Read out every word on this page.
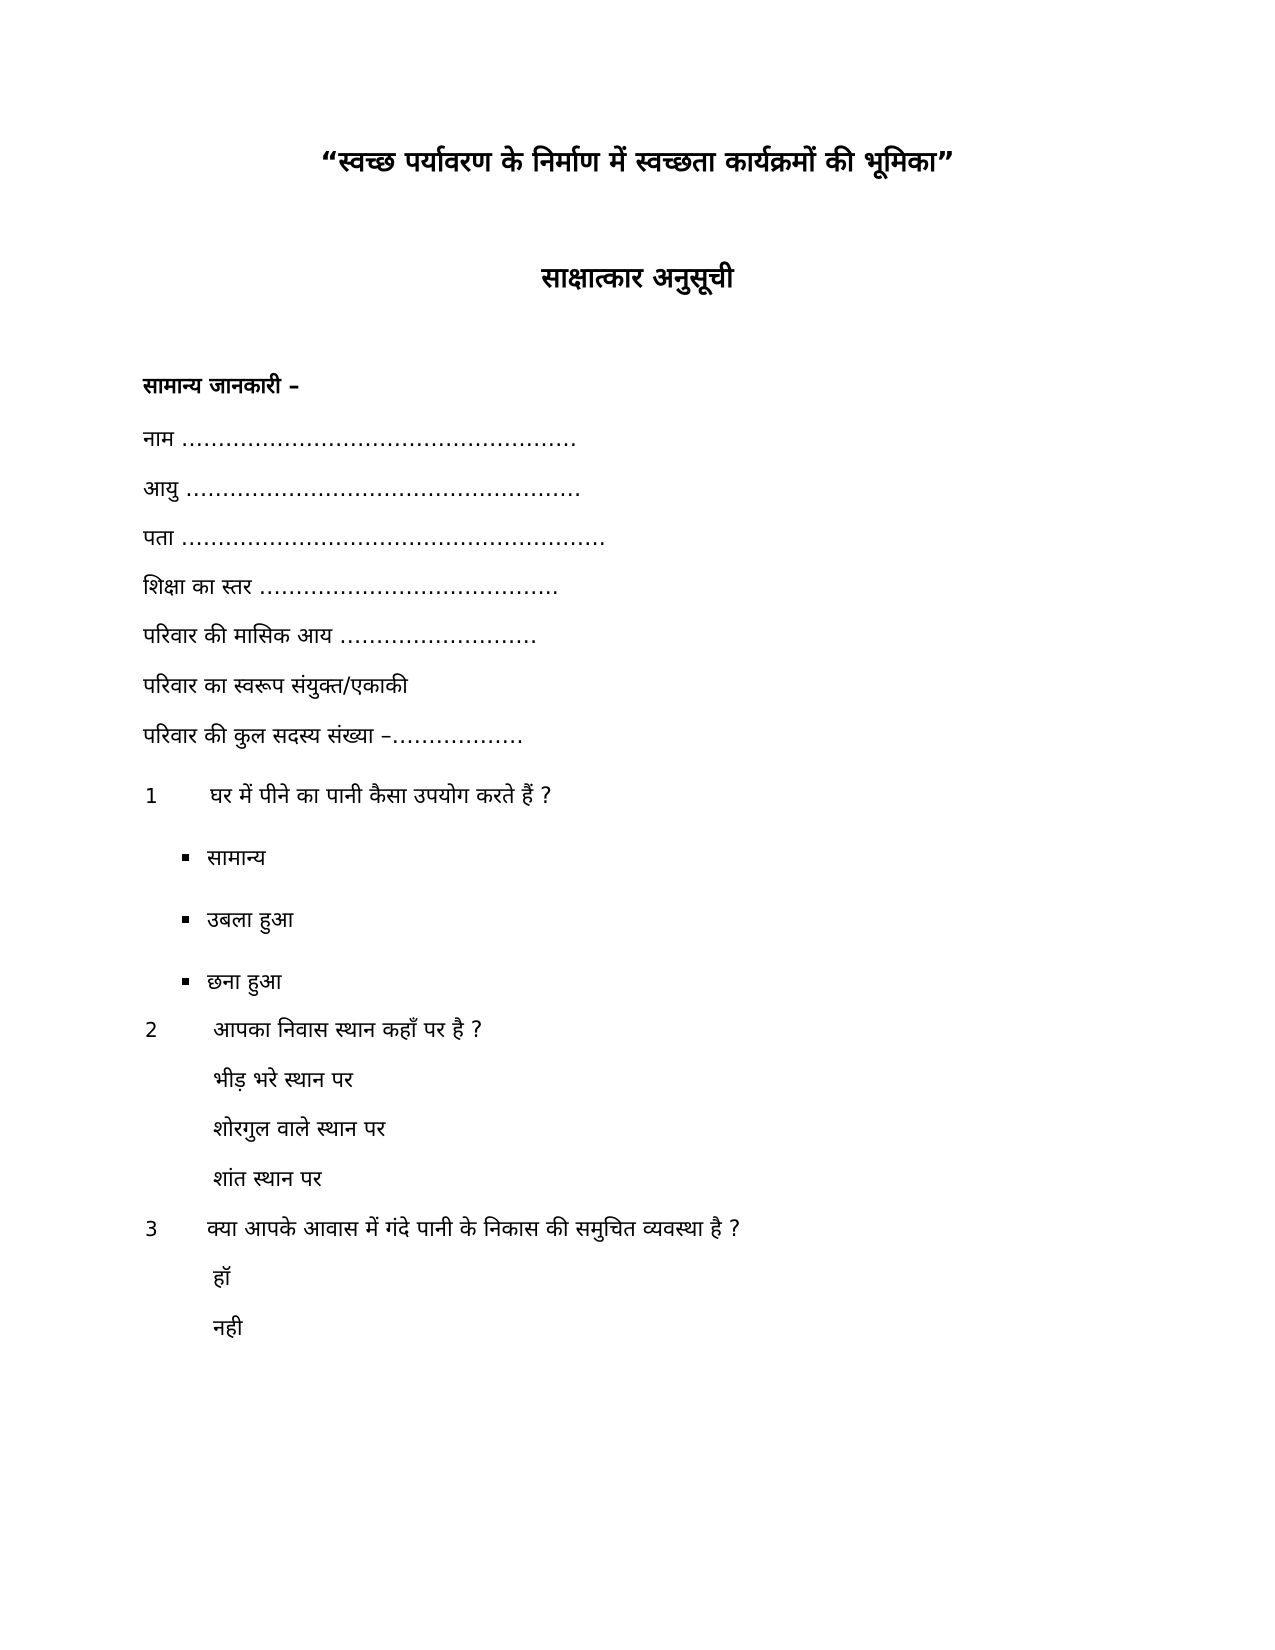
“स्वच्छ पर्यावरण के निर्माण में स्वच्छता कार्यक्रमों की भूमिका”
साक्षात्कार अनुसूची
सामान्य जानकारी –
नाम ………………………………………………
आयु ………………………………………………
पता ………………………………………………….
शिक्षा का स्तर …………………………………..
परिवार की मासिक आय ………………………
परिवार का स्वरूप संयुक्त/एकाकी
परिवार की कुल सदस्य संख्या –………………
1 घर में पीने का पानी कैसा उपयोग करते हैं ?
सामान्य
उबला हुआ
छना हुआ
2	आपका निवास स्थान कहाँ पर है ?
भीड़ भरे स्थान पर
शोरगुल वाले स्थान पर
शांत स्थान पर
3 क्या आपके आवास में गंदे पानी के निकास की समुचित व्यवस्था है ?
हॉ
नही
